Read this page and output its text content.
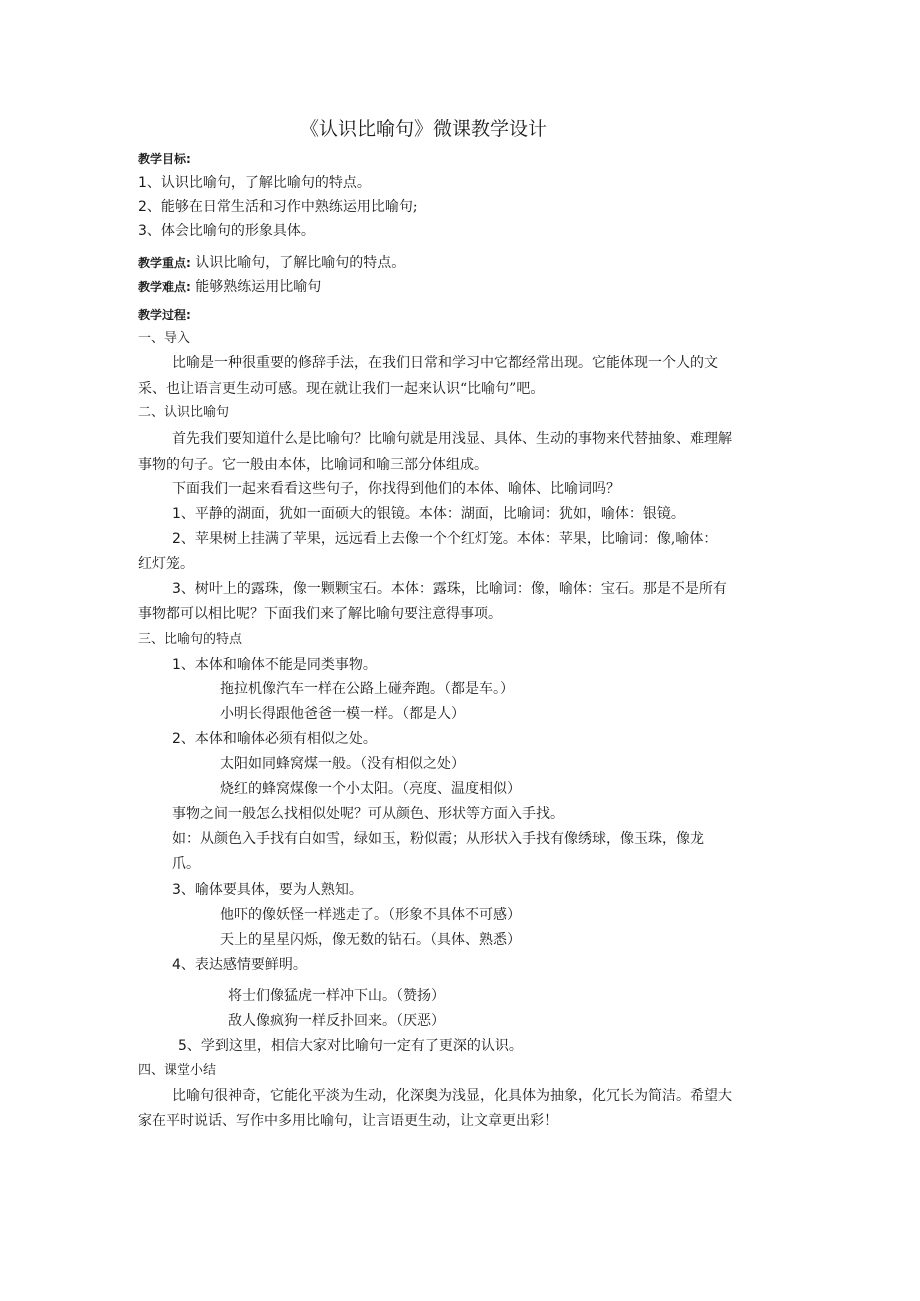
《认识比喻句》微课教学设计
教学目标:
1、认识比喻句，了解比喻句的特点。
2、能够在日常生活和习作中熟练运用比喻句;
3、体会比喻句的形象具体。
教学重点: 认识比喻句，了解比喻句的特点。
教学难点: 能够熟练运用比喻句
教学过程:
一、导入
比喻是一种很重要的修辞手法，在我们日常和学习中它都经常出现。它能体现一个人的文
采、也让语言更生动可感。现在就让我们一起来认识“比喻句”吧。
二、认识比喻句
首先我们要知道什么是比喻句？比喻句就是用浅显、具体、生动的事物来代替抽象、难理解
事物的句子。它一般由本体，比喻词和喻三部分体组成。
下面我们一起来看看这些句子，你找得到他们的本体、喻体、比喻词吗？
1、平静的湖面，犹如一面硕大的银镜。本体：湖面，比喻词：犹如，喻体：银镜。
2、苹果树上挂满了苹果，远远看上去像一个个红灯笼。本体：苹果，比喻词：像,喻体：
红灯笼。
3、树叶上的露珠，像一颗颗宝石。本体：露珠，比喻词：像，喻体：宝石。那是不是所有
事物都可以相比呢？下面我们来了解比喻句要注意得事项。
三、比喻句的特点
1、本体和喻体不能是同类事物。
拖拉机像汽车一样在公路上碰奔跑。（都是车。）
小明长得跟他爸爸一模一样。（都是人）
2、本体和喻体必须有相似之处。
太阳如同蜂窝煤一般。（没有相似之处）
烧红的蜂窝煤像一个小太阳。（亮度、温度相似）
事物之间一般怎么找相似处呢？可从颜色、形状等方面入手找。
如：从颜色入手找有白如雪，绿如玉，粉似霞；从形状入手找有像绣球，像玉珠，像龙
爪。
3、喻体要具体，要为人熟知。
他吓的像妖怪一样逃走了。（形象不具体不可感）
天上的星星闪烁，像无数的钻石。（具体、熟悉）
4、表达感情要鲜明。
将士们像猛虎一样冲下山。（赞扬）
敌人像疯狗一样反扑回来。（厌恶）
5、学到这里，相信大家对比喻句一定有了更深的认识。
四、课堂小结
比喻句很神奇，它能化平淡为生动，化深奥为浅显，化具体为抽象，化冗长为简洁。希望大
家在平时说话、写作中多用比喻句，让言语更生动，让文章更出彩！
